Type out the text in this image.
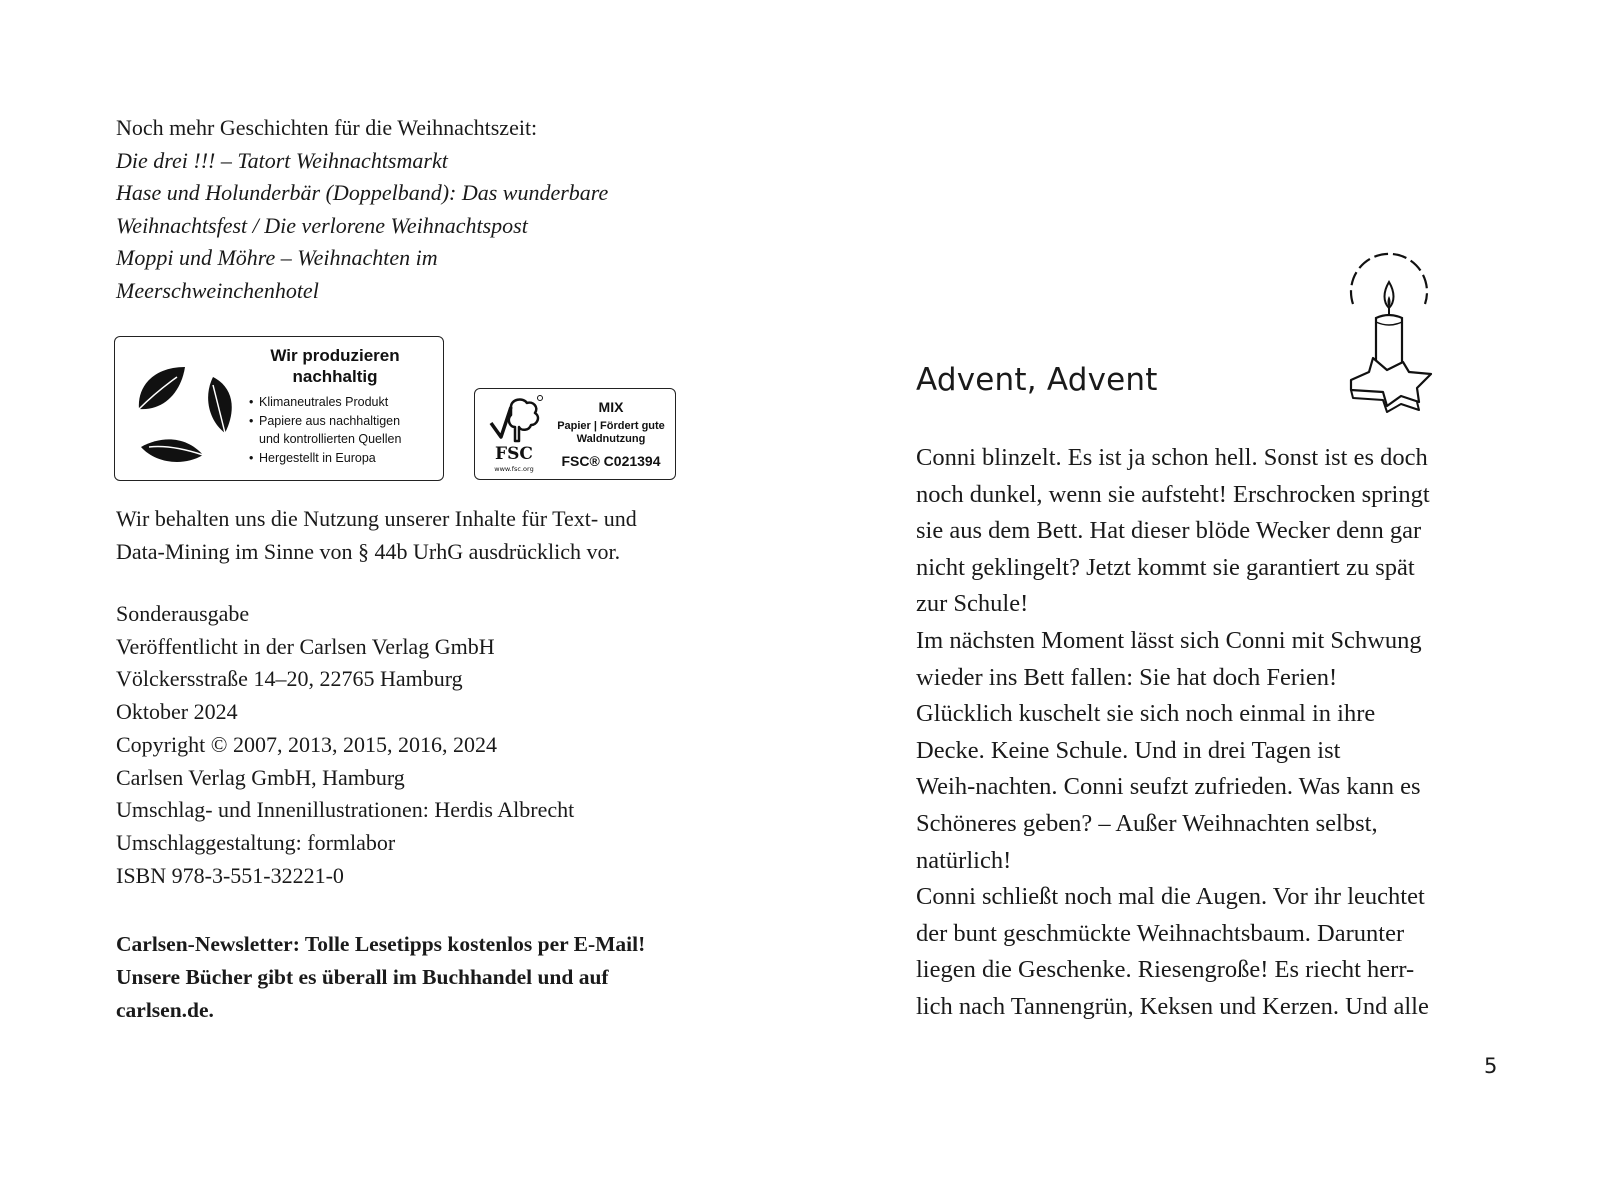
Noch mehr Geschichten für die Weihnachtszeit:
Die drei !!! – Tatort Weihnachtsmarkt
Hase und Holunderbär (Doppelband): Das wunderbare
Weihnachtsfest / Die verlorene Weihnachtspost
Moppi und Möhre – Weihnachten im
Meerschweinchenhotel
Wir produzieren nachhaltig
• Klimaneutrales Produkt
• Papiere aus nachhaltigen
und kontrollierten Quellen
• Hergestellt in Europa	FSC
www.fsc.org
MIX
Papier | Fördert gute Waldnutzung
FSC® C021394
Wir behalten uns die Nutzung unserer Inhalte für Text- und
Data-Mining im Sinne von § 44b UrhG ausdrücklich vor.
Sonderausgabe
Veröffentlicht in der Carlsen Verlag GmbH
Völckersstraße 14–20, 22765 Hamburg
Oktober 2024
Copyright © 2007, 2013, 2015, 2016, 2024
Carlsen Verlag GmbH, Hamburg
Umschlag- und Innenillustrationen: Herdis Albrecht
Umschlaggestaltung: formlabor
ISBN 978-3-551-32221-0
Carlsen-Newsletter: Tolle Lesetipps kostenlos per E-Mail!
Unsere Bücher gibt es überall im Buchhandel und auf
carlsen.de.
Advent, Advent
Conni blinzelt. Es ist ja schon hell. Sonst ist es doch
noch dunkel, wenn sie aufsteht! Erschrocken springt
sie aus dem Bett. Hat dieser blöde Wecker denn gar
nicht geklingelt? Jetzt kommt sie garantiert zu spät
zur Schule!
Im nächsten Moment lässt sich Conni mit Schwung
wieder ins Bett fallen: Sie hat doch Ferien!
Glücklich kuschelt sie sich noch einmal in ihre
Decke. Keine Schule. Und in drei Tagen ist
Weih-nachten. Conni seufzt zufrieden. Was kann es
Schöneres geben? – Außer Weihnachten selbst,
natürlich!
Conni schließt noch mal die Augen. Vor ihr leuchtet
der bunt geschmückte Weihnachtsbaum. Darunter
liegen die Geschenke. Riesengroße! Es riecht herr-
lich nach Tannengrün, Keksen und Kerzen. Und alle
5
